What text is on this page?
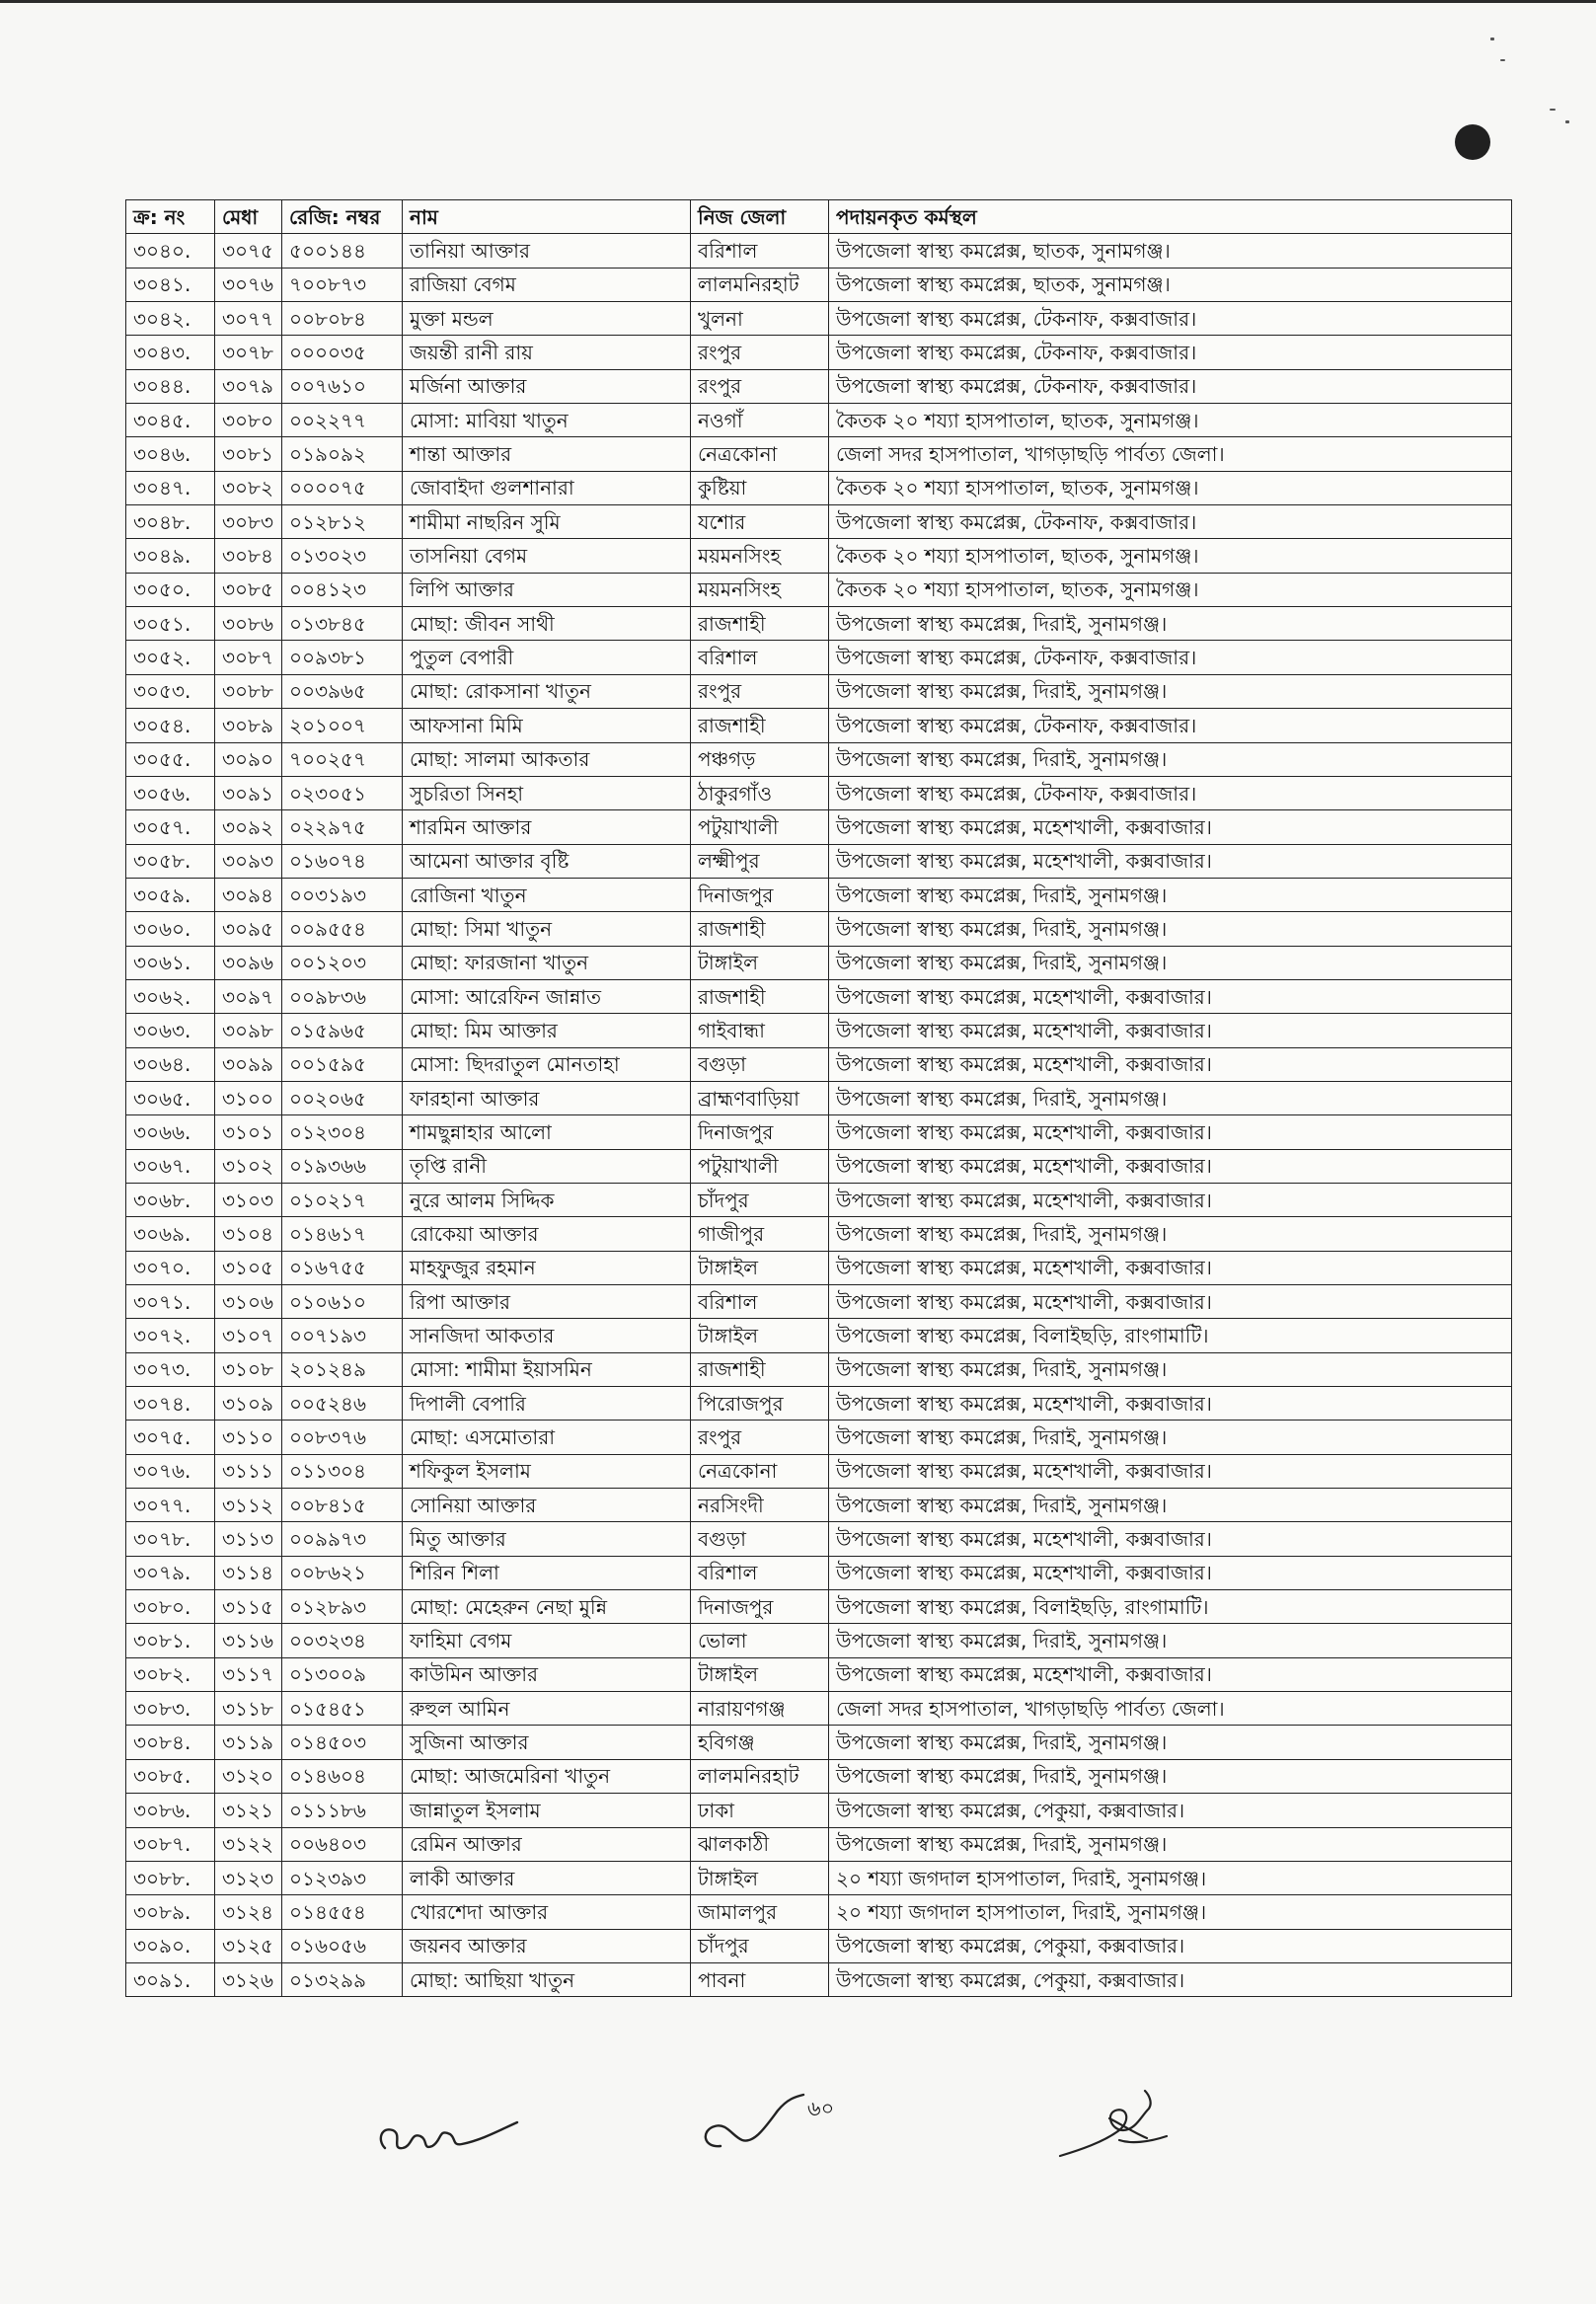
ক্র: নং	মেধা	রেজি: নম্বর	নাম	নিজ জেলা	পদায়নকৃত কর্মস্থল
৩০৪০.	৩০৭৫	৫০০১৪৪	তানিয়া আক্তার	বরিশাল	উপজেলা স্বাস্থ্য কমপ্লেক্স, ছাতক, সুনামগঞ্জ।
৩০৪১.	৩০৭৬	৭০০৮৭৩	রাজিয়া বেগম	লালমনিরহাট	উপজেলা স্বাস্থ্য কমপ্লেক্স, ছাতক, সুনামগঞ্জ।
৩০৪২.	৩০৭৭	০০৮০৮৪	মুক্তা মন্ডল	খুলনা	উপজেলা স্বাস্থ্য কমপ্লেক্স, টেকনাফ, কক্সবাজার।
৩০৪৩.	৩০৭৮	০০০০৩৫	জয়ন্তী রানী রায়	রংপুর	উপজেলা স্বাস্থ্য কমপ্লেক্স, টেকনাফ, কক্সবাজার।
৩০৪৪.	৩০৭৯	০০৭৬১০	মর্জিনা আক্তার	রংপুর	উপজেলা স্বাস্থ্য কমপ্লেক্স, টেকনাফ, কক্সবাজার।
৩০৪৫.	৩০৮০	০০২২৭৭	মোসা: মাবিয়া খাতুন	নওগাঁ	কৈতক ২০ শয্যা হাসপাতাল, ছাতক, সুনামগঞ্জ।
৩০৪৬.	৩০৮১	০১৯০৯২	শান্তা আক্তার	নেত্রকোনা	জেলা সদর হাসপাতাল, খাগড়াছড়ি পার্বত্য জেলা।
৩০৪৭.	৩০৮২	০০০০৭৫	জোবাইদা গুলশানারা	কুষ্টিয়া	কৈতক ২০ শয্যা হাসপাতাল, ছাতক, সুনামগঞ্জ।
৩০৪৮.	৩০৮৩	০১২৮১২	শামীমা নাছরিন সুমি	যশোর	উপজেলা স্বাস্থ্য কমপ্লেক্স, টেকনাফ, কক্সবাজার।
৩০৪৯.	৩০৮৪	০১৩০২৩	তাসনিয়া বেগম	ময়মনসিংহ	কৈতক ২০ শয্যা হাসপাতাল, ছাতক, সুনামগঞ্জ।
৩০৫০.	৩০৮৫	০০৪১২৩	লিপি আক্তার	ময়মনসিংহ	কৈতক ২০ শয্যা হাসপাতাল, ছাতক, সুনামগঞ্জ।
৩০৫১.	৩০৮৬	০১৩৮৪৫	মোছা: জীবন সাথী	রাজশাহী	উপজেলা স্বাস্থ্য কমপ্লেক্স, দিরাই, সুনামগঞ্জ।
৩০৫২.	৩০৮৭	০০৯৩৮১	পুতুল বেপারী	বরিশাল	উপজেলা স্বাস্থ্য কমপ্লেক্স, টেকনাফ, কক্সবাজার।
৩০৫৩.	৩০৮৮	০০৩৯৬৫	মোছা: রোকসানা খাতুন	রংপুর	উপজেলা স্বাস্থ্য কমপ্লেক্স, দিরাই, সুনামগঞ্জ।
৩০৫৪.	৩০৮৯	২০১০০৭	আফসানা মিমি	রাজশাহী	উপজেলা স্বাস্থ্য কমপ্লেক্স, টেকনাফ, কক্সবাজার।
৩০৫৫.	৩০৯০	৭০০২৫৭	মোছা: সালমা আকতার	পঞ্চগড়	উপজেলা স্বাস্থ্য কমপ্লেক্স, দিরাই, সুনামগঞ্জ।
৩০৫৬.	৩০৯১	০২৩০৫১	সুচরিতা সিনহা	ঠাকুরগাঁও	উপজেলা স্বাস্থ্য কমপ্লেক্স, টেকনাফ, কক্সবাজার।
৩০৫৭.	৩০৯২	০২২৯৭৫	শারমিন আক্তার	পটুয়াখালী	উপজেলা স্বাস্থ্য কমপ্লেক্স, মহেশখালী, কক্সবাজার।
৩০৫৮.	৩০৯৩	০১৬০৭৪	আমেনা আক্তার বৃষ্টি	লক্ষ্মীপুর	উপজেলা স্বাস্থ্য কমপ্লেক্স, মহেশখালী, কক্সবাজার।
৩০৫৯.	৩০৯৪	০০৩১৯৩	রোজিনা খাতুন	দিনাজপুর	উপজেলা স্বাস্থ্য কমপ্লেক্স, দিরাই, সুনামগঞ্জ।
৩০৬০.	৩০৯৫	০০৯৫৫৪	মোছা: সিমা খাতুন	রাজশাহী	উপজেলা স্বাস্থ্য কমপ্লেক্স, দিরাই, সুনামগঞ্জ।
৩০৬১.	৩০৯৬	০০১২০৩	মোছা: ফারজানা খাতুন	টাঙ্গাইল	উপজেলা স্বাস্থ্য কমপ্লেক্স, দিরাই, সুনামগঞ্জ।
৩০৬২.	৩০৯৭	০০৯৮৩৬	মোসা: আরেফিন জান্নাত	রাজশাহী	উপজেলা স্বাস্থ্য কমপ্লেক্স, মহেশখালী, কক্সবাজার।
৩০৬৩.	৩০৯৮	০১৫৯৬৫	মোছা: মিম আক্তার	গাইবান্ধা	উপজেলা স্বাস্থ্য কমপ্লেক্স, মহেশখালী, কক্সবাজার।
৩০৬৪.	৩০৯৯	০০১৫৯৫	মোসা: ছিদরাতুল মোনতাহা	বগুড়া	উপজেলা স্বাস্থ্য কমপ্লেক্স, মহেশখালী, কক্সবাজার।
৩০৬৫.	৩১০০	০০২০৬৫	ফারহানা আক্তার	ব্রাহ্মণবাড়িয়া	উপজেলা স্বাস্থ্য কমপ্লেক্স, দিরাই, সুনামগঞ্জ।
৩০৬৬.	৩১০১	০১২৩০৪	শামছুন্নাহার আলো	দিনাজপুর	উপজেলা স্বাস্থ্য কমপ্লেক্স, মহেশখালী, কক্সবাজার।
৩০৬৭.	৩১০২	০১৯৩৬৬	তৃপ্তি রানী	পটুয়াখালী	উপজেলা স্বাস্থ্য কমপ্লেক্স, মহেশখালী, কক্সবাজার।
৩০৬৮.	৩১০৩	০১০২১৭	নুরে আলম সিদ্দিক	চাঁদপুর	উপজেলা স্বাস্থ্য কমপ্লেক্স, মহেশখালী, কক্সবাজার।
৩০৬৯.	৩১০৪	০১৪৬১৭	রোকেয়া আক্তার	গাজীপুর	উপজেলা স্বাস্থ্য কমপ্লেক্স, দিরাই, সুনামগঞ্জ।
৩০৭০.	৩১০৫	০১৬৭৫৫	মাহফুজুর রহমান	টাঙ্গাইল	উপজেলা স্বাস্থ্য কমপ্লেক্স, মহেশখালী, কক্সবাজার।
৩০৭১.	৩১০৬	০১০৬১০	রিপা আক্তার	বরিশাল	উপজেলা স্বাস্থ্য কমপ্লেক্স, মহেশখালী, কক্সবাজার।
৩০৭২.	৩১০৭	০০৭১৯৩	সানজিদা আকতার	টাঙ্গাইল	উপজেলা স্বাস্থ্য কমপ্লেক্স, বিলাইছড়ি, রাংগামাটি।
৩০৭৩.	৩১০৮	২০১২৪৯	মোসা: শামীমা ইয়াসমিন	রাজশাহী	উপজেলা স্বাস্থ্য কমপ্লেক্স, দিরাই, সুনামগঞ্জ।
৩০৭৪.	৩১০৯	০০৫২৪৬	দিপালী বেপারি	পিরোজপুর	উপজেলা স্বাস্থ্য কমপ্লেক্স, মহেশখালী, কক্সবাজার।
৩০৭৫.	৩১১০	০০৮৩৭৬	মোছা: এসমোতারা	রংপুর	উপজেলা স্বাস্থ্য কমপ্লেক্স, দিরাই, সুনামগঞ্জ।
৩০৭৬.	৩১১১	০১১৩০৪	শফিকুল ইসলাম	নেত্রকোনা	উপজেলা স্বাস্থ্য কমপ্লেক্স, মহেশখালী, কক্সবাজার।
৩০৭৭.	৩১১২	০০৮৪১৫	সোনিয়া আক্তার	নরসিংদী	উপজেলা স্বাস্থ্য কমপ্লেক্স, দিরাই, সুনামগঞ্জ।
৩০৭৮.	৩১১৩	০০৯৯৭৩	মিতু আক্তার	বগুড়া	উপজেলা স্বাস্থ্য কমপ্লেক্স, মহেশখালী, কক্সবাজার।
৩০৭৯.	৩১১৪	০০৮৬২১	শিরিন শিলা	বরিশাল	উপজেলা স্বাস্থ্য কমপ্লেক্স, মহেশখালী, কক্সবাজার।
৩০৮০.	৩১১৫	০১২৮৯৩	মোছা: মেহেরুন নেছা মুন্নি	দিনাজপুর	উপজেলা স্বাস্থ্য কমপ্লেক্স, বিলাইছড়ি, রাংগামাটি।
৩০৮১.	৩১১৬	০০৩২৩৪	ফাহিমা বেগম	ভোলা	উপজেলা স্বাস্থ্য কমপ্লেক্স, দিরাই, সুনামগঞ্জ।
৩০৮২.	৩১১৭	০১৩০০৯	কাউমিন আক্তার	টাঙ্গাইল	উপজেলা স্বাস্থ্য কমপ্লেক্স, মহেশখালী, কক্সবাজার।
৩০৮৩.	৩১১৮	০১৫৪৫১	রুহুল আমিন	নারায়ণগঞ্জ	জেলা সদর হাসপাতাল, খাগড়াছড়ি পার্বত্য জেলা।
৩০৮৪.	৩১১৯	০১৪৫০৩	সুজিনা আক্তার	হবিগঞ্জ	উপজেলা স্বাস্থ্য কমপ্লেক্স, দিরাই, সুনামগঞ্জ।
৩০৮৫.	৩১২০	০১৪৬০৪	মোছা: আজমেরিনা খাতুন	লালমনিরহাট	উপজেলা স্বাস্থ্য কমপ্লেক্স, দিরাই, সুনামগঞ্জ।
৩০৮৬.	৩১২১	০১১১৮৬	জান্নাতুল ইসলাম	ঢাকা	উপজেলা স্বাস্থ্য কমপ্লেক্স, পেকুয়া, কক্সবাজার।
৩০৮৭.	৩১২২	০০৬৪০৩	রেমিন আক্তার	ঝালকাঠী	উপজেলা স্বাস্থ্য কমপ্লেক্স, দিরাই, সুনামগঞ্জ।
৩০৮৮.	৩১২৩	০১২৩৯৩	লাকী আক্তার	টাঙ্গাইল	২০ শয্যা জগদাল হাসপাতাল, দিরাই, সুনামগঞ্জ।
৩০৮৯.	৩১২৪	০১৪৫৫৪	খোরশেদা আক্তার	জামালপুর	২০ শয্যা জগদাল হাসপাতাল, দিরাই, সুনামগঞ্জ।
৩০৯০.	৩১২৫	০১৬০৫৬	জয়নব আক্তার	চাঁদপুর	উপজেলা স্বাস্থ্য কমপ্লেক্স, পেকুয়া, কক্সবাজার।
৩০৯১.	৩১২৬	০১৩২৯৯	মোছা: আছিয়া খাতুন	পাবনা	উপজেলা স্বাস্থ্য কমপ্লেক্স, পেকুয়া, কক্সবাজার।
৬০
